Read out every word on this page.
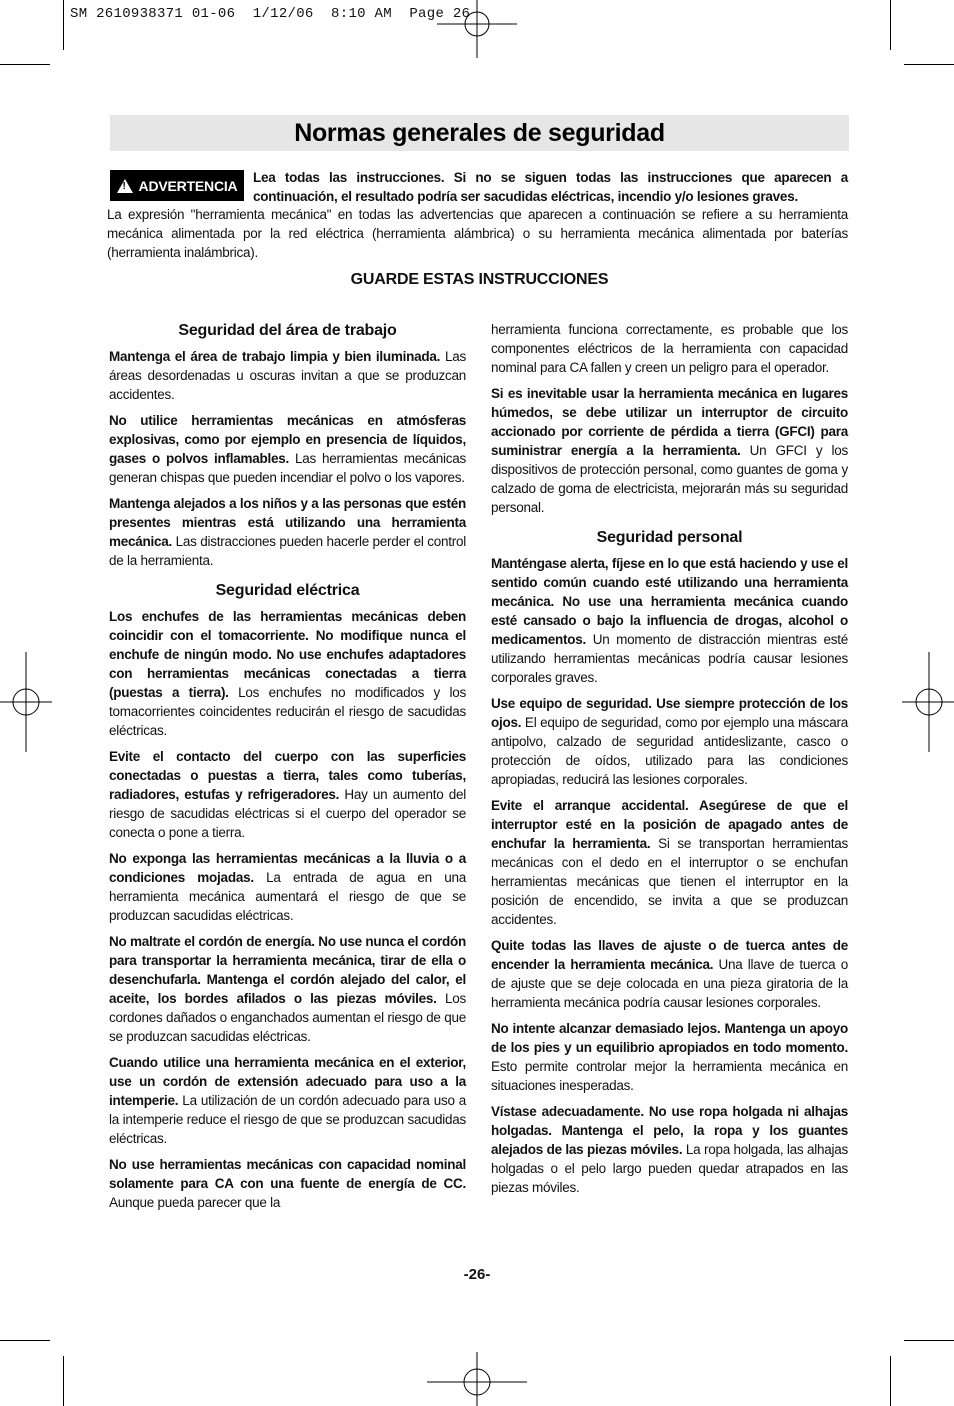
SM 2610938371 01-06  1/12/06  8:10 AM  Page 26
Normas generales de seguridad
!
ADVERTENCIA Lea todas las instrucciones. Si no se siguen todas las instrucciones que aparecen a continuación, el resultado podría ser sacudidas eléctricas, incendio y/o lesiones graves.
La expresión "herramienta mecánica" en todas las advertencias que aparecen a continuación se refiere a su herramienta mecánica alimentada por la red eléctrica (herramienta alámbrica) o su herramienta mecánica alimentada por baterías (herramienta inalámbrica).
GUARDE ESTAS INSTRUCCIONES
Seguridad del área de trabajo

Mantenga el área de trabajo limpia y bien iluminada. Las áreas desordenadas u oscuras invitan a que se produzcan accidentes.

No utilice herramientas mecánicas en atmósferas explosivas, como por ejemplo en presencia de líquidos, gases o polvos inflamables. Las herramientas mecánicas generan chispas que pueden incendiar el polvo o los vapores.

Mantenga alejados a los niños y a las personas que estén presentes mientras está utilizando una herramienta mecánica. Las distracciones pueden hacerle perder el control de la herramienta.

Seguridad eléctrica

Los enchufes de las herramientas mecánicas deben coincidir con el tomacorriente. No modifique nunca el enchufe de ningún modo. No use enchufes adaptadores con herramientas mecánicas conectadas a tierra (puestas a tierra). Los enchufes no modificados y los tomacorrientes coincidentes reducirán el riesgo de sacudidas eléctricas.

Evite el contacto del cuerpo con las superficies conectadas o puestas a tierra, tales como tuberías, radiadores, estufas y refrigeradores. Hay un aumento del riesgo de sacudidas eléctricas si el cuerpo del operador se conecta o pone a tierra.

No exponga las herramientas mecánicas a la lluvia o a condiciones mojadas. La entrada de agua en una herramienta mecánica aumentará el riesgo de que se produzcan sacudidas eléctricas.

No maltrate el cordón de energía. No use nunca el cordón para transportar la herramienta mecánica, tirar de ella o desenchufarla. Mantenga el cordón alejado del calor, el aceite, los bordes afilados o las piezas móviles. Los cordones dañados o enganchados aumentan el riesgo de que se produzcan sacudidas eléctricas.

Cuando utilice una herramienta mecánica en el exterior, use un cordón de extensión adecuado para uso a la intemperie. La utilización de un cordón adecuado para uso a la intemperie reduce el riesgo de que se produzcan sacudidas eléctricas.

No use herramientas mecánicas con capacidad nominal solamente para CA con una fuente de energía de CC. Aunque pueda parecer que la

herramienta funciona correctamente, es probable que los componentes eléctricos de la herramienta con capacidad nominal para CA fallen y creen un peligro para el operador.

Si es inevitable usar la herramienta mecánica en lugares húmedos, se debe utilizar un interruptor de circuito accionado por corriente de pérdida a tierra (GFCI) para suministrar energía a la herramienta. Un GFCI y los dispositivos de protección personal, como guantes de goma y calzado de goma de electricista, mejorarán más su seguridad personal.

Seguridad personal

Manténgase alerta, fíjese en lo que está haciendo y use el sentido común cuando esté utilizando una herramienta mecánica. No use una herramienta mecánica cuando esté cansado o bajo la influencia de drogas, alcohol o medicamentos. Un momento de distracción mientras esté utilizando herramientas mecánicas podría causar lesiones corporales graves.

Use equipo de seguridad. Use siempre protección de los ojos. El equipo de seguridad, como por ejemplo una máscara antipolvo, calzado de seguridad antideslizante, casco o protección de oídos, utilizado para las condiciones apropiadas, reducirá las lesiones corporales.

Evite el arranque accidental. Asegúrese de que el interruptor esté en la posición de apagado antes de enchufar la herramienta. Si se transportan herramientas mecánicas con el dedo en el interruptor o se enchufan herramientas mecánicas que tienen el interruptor en la posición de encendido, se invita a que se produzcan accidentes.

Quite todas las llaves de ajuste o de tuerca antes de encender la herramienta mecánica. Una llave de tuerca o de ajuste que se deje colocada en una pieza giratoria de la herramienta mecánica podría causar lesiones corporales.

No intente alcanzar demasiado lejos. Mantenga un apoyo de los pies y un equilibrio apropiados en todo momento. Esto permite controlar mejor la herramienta mecánica en situaciones inesperadas.

Vístase adecuadamente. No use ropa holgada ni alhajas holgadas. Mantenga el pelo, la ropa y los guantes alejados de las piezas móviles. La ropa holgada, las alhajas holgadas o el pelo largo pueden quedar atrapados en las piezas móviles.

-26-
